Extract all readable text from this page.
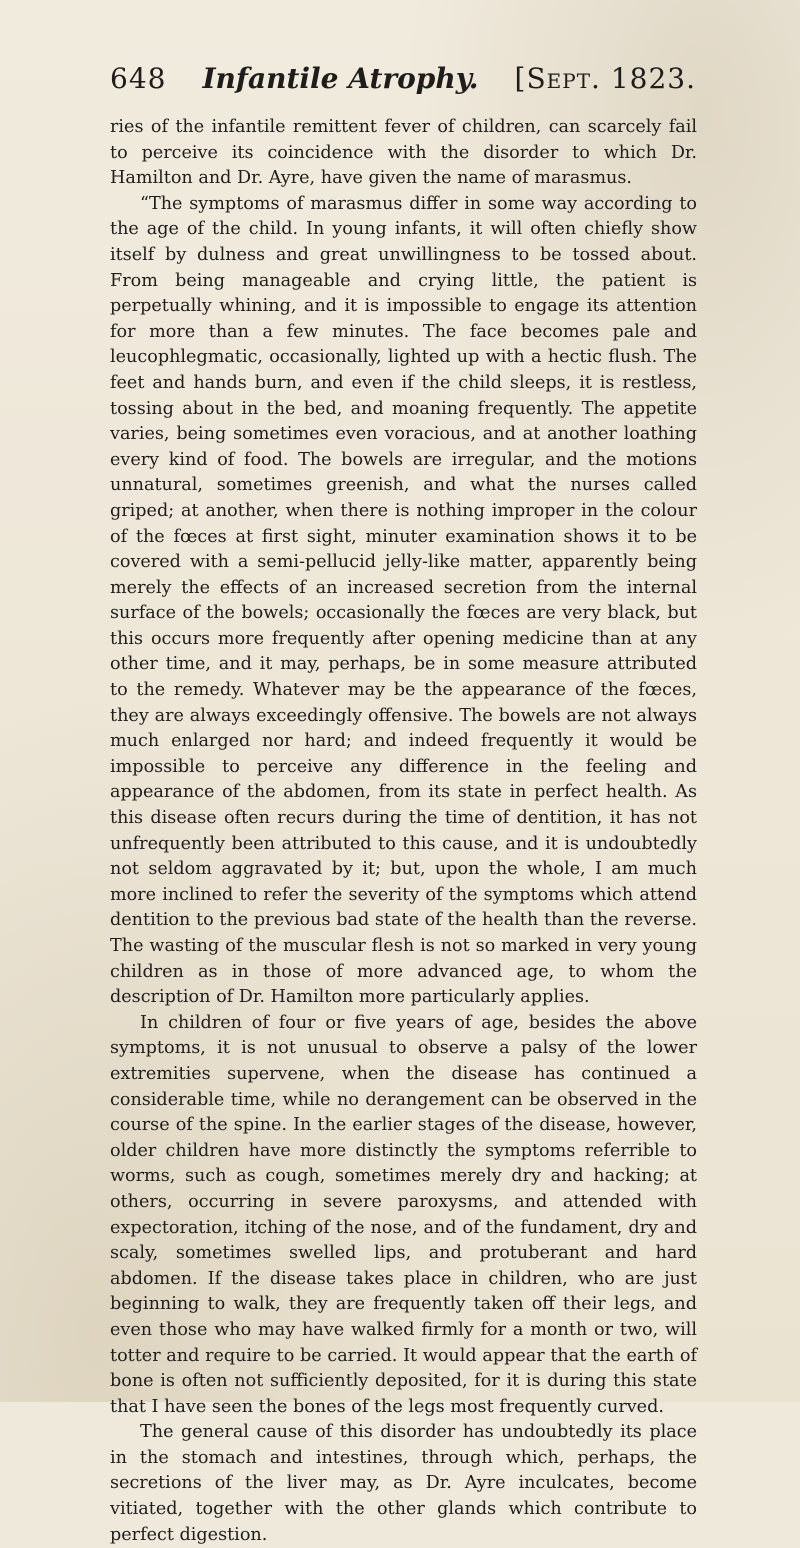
648 Infantile Atrophy. [Sept. 1823.

ries of the infantile remittent fever of children, can scarcely fail to perceive its coincidence with the disorder to which Dr. Hamilton and Dr. Ayre, have given the name of marasmus.

“The symptoms of marasmus differ in some way according to the age of the child. In young infants, it will often chiefly show itself by dulness and great unwillingness to be tossed about. From being manageable and crying little, the patient is perpetually whining, and it is impossible to engage its attention for more than a few minutes. The face becomes pale and leucophlegmatic, occasionally, lighted up with a hectic flush. The feet and hands burn, and even if the child sleeps, it is restless, tossing about in the bed, and moaning frequently. The appetite varies, being sometimes even voracious, and at another loathing every kind of food. The bowels are irregular, and the motions unnatural, sometimes greenish, and what the nurses called griped; at another, when there is nothing improper in the colour of the fœces at first sight, minuter examination shows it to be covered with a semi-pellucid jelly-like matter, apparently being merely the effects of an increased secretion from the internal surface of the bowels; occasionally the fœces are very black, but this occurs more frequently after opening medicine than at any other time, and it may, perhaps, be in some measure attributed to the remedy. Whatever may be the appearance of the fœces, they are always exceedingly offensive. The bowels are not always much enlarged nor hard; and indeed frequently it would be impossible to perceive any difference in the feeling and appearance of the abdomen, from its state in perfect health. As this disease often recurs during the time of dentition, it has not unfrequently been attributed to this cause, and it is undoubtedly not seldom aggravated by it; but, upon the whole, I am much more inclined to refer the severity of the symptoms which attend dentition to the previous bad state of the health than the reverse. The wasting of the muscular flesh is not so marked in very young children as in those of more advanced age, to whom the description of Dr. Hamilton more particularly applies.

In children of four or five years of age, besides the above symptoms, it is not unusual to observe a palsy of the lower extremities supervene, when the disease has continued a considerable time, while no derangement can be observed in the course of the spine. In the earlier stages of the disease, however, older children have more distinctly the symptoms referrible to worms, such as cough, sometimes merely dry and hacking; at others, occurring in severe paroxysms, and attended with expectoration, itching of the nose, and of the fundament, dry and scaly, sometimes swelled lips, and protuberant and hard abdomen. If the disease takes place in children, who are just beginning to walk, they are frequently taken off their legs, and even those who may have walked firmly for a month or two, will totter and require to be carried. It would appear that the earth of bone is often not sufficiently deposited, for it is during this state that I have seen the bones of the legs most frequently curved.

The general cause of this disorder has undoubtedly its place in the stomach and intestines, through which, perhaps, the secretions of the liver may, as Dr. Ayre inculcates, become vitiated, together with the other glands which contribute to perfect digestion.
